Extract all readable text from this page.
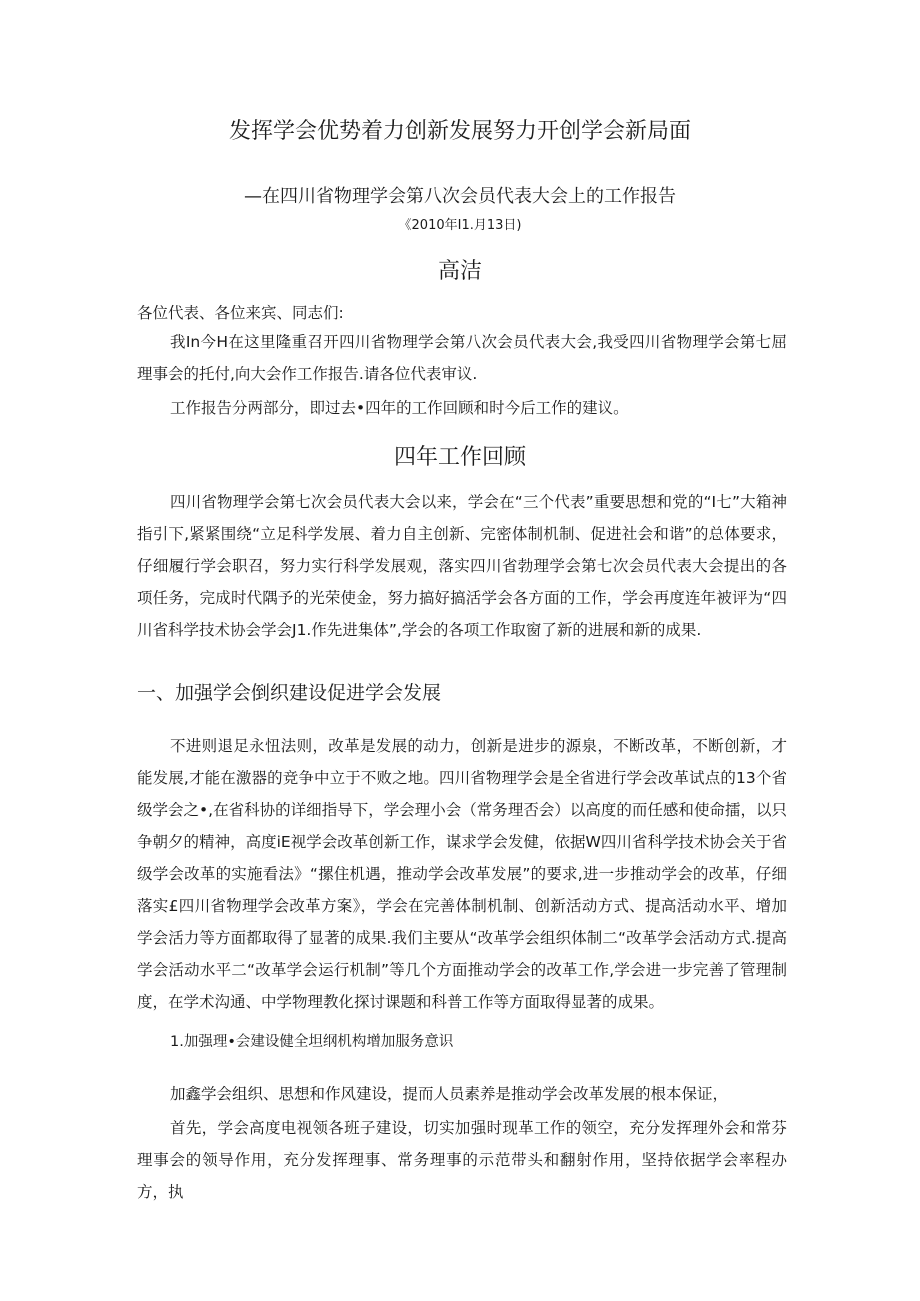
发挥学会优势着力创新发展努力开创学会新局面
—在四川省物理学会第八次会员代表大会上的工作报告
《2010年I1.月13日)
高洁
各位代表、各位来宾、同志们:
我In今H在这里隆重召开四川省物理学会第八次会员代表大会,我受四川省物理学会第七屈理事会的托付,向大会作工作报告.请各位代表审议.
工作报告分两部分，即过去•四年的工作回顾和时今后工作的建议。
四年工作回顾
四川省物理学会第七次会员代表大会以来，学会在“三个代表”重要思想和党的“I七”大箱神指引下,紧紧围绕“立足科学发展、着力自主创新、完密体制机制、促进社会和谐”的总体要求，仔细履行学会职召，努力实行科学发展观，落实四川省勃理学会第七次会员代表大会提出的各项任务，完成时代隅予的光荣使金，努力搞好搞活学会各方面的工作，学会再度连年被评为“四川省科学技术协会学会J1.作先进集体”,学会的各项工作取窗了新的进展和新的成果.
一、加强学会倒织建设促进学会发展
不进则退足永忸法则，改革是发展的动力，创新是进步的源泉，不断改革，不断创新，才能发展,才能在激器的竞争中立于不败之地。四川省物理学会是全省进行学会改革试点的13个省级学会之•,在省科协的详细指导下，学会理小会（常务理否会）以高度的而任感和使命擂，以只争朝夕的精神，高度iE视学会改革创新工作，谋求学会发健，依据W四川省科学技术协会关于省级学会改革的实施看法》“摞住机遇，推动学会改革发展”的要求,进一步推动学会的改革，仔细落实£四川省物理学会改革方案》，学会在完善体制机制、创新活动方式、提高活动水平、增加学会活力等方面都取得了显著的成果.我们主要从“改革学会组织体制二“改革学会活动方式.提高学会活动水平二“改革学会运行机制”等几个方面推动学会的改革工作,学会进一步完善了管理制度，在学术沟通、中学物理教化探讨课题和科普工作等方面取得显著的成果。
1.加强理•会建设健全坦纲机构增加服务意识
加鑫学会组织、思想和作风建设，提而人员素养是推动学会改革发展的根本保证，
首先，学会高度电视领各班子建设，切实加强时现革工作的领空，充分发挥理外会和常芬理事会的领导作用，充分发挥理事、常务理事的示范带头和翻射作用，坚持依据学会率程办方，执
